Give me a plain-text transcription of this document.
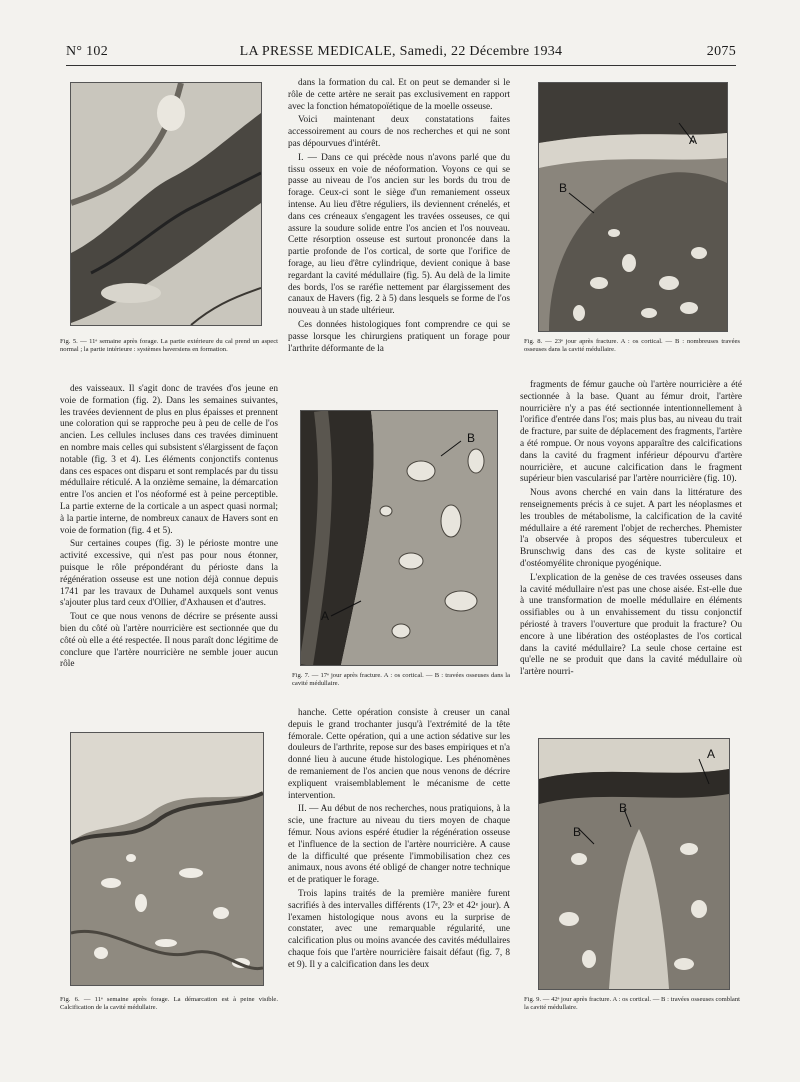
N° 102	LA PRESSE MEDICALE, Samedi, 22 Décembre 1934	2075
Fig. 5. — 11ᵉ semaine après forage. La partie extérieure du cal prend un aspect normal ; la partie intérieure : systèmes haversiens en formation.

des vaisseaux. Il s'agit donc de travées d'os jeune en voie de formation (fig. 2). Dans les semaines suivantes, les travées deviennent de plus en plus épaisses et prennent une coloration qui se rapproche peu à peu de celle de l'os ancien. Les cellules incluses dans ces travées diminuent en nombre mais celles qui subsistent s'élargissent de façon notable (fig. 3 et 4). Les éléments conjonctifs contenus dans ces espaces ont disparu et sont remplacés par du tissu médullaire réticulé. A la onzième semaine, la démarcation entre l'os ancien et l'os néoformé est à peine perceptible. La partie externe de la corticale a un aspect quasi normal; à la partie interne, de nombreux canaux de Havers sont en voie de formation (fig. 4 et 5).

Sur certaines coupes (fig. 3) le périoste montre une activité excessive, qui n'est pas pour nous étonner, puisque le rôle prépondérant du périoste dans la régénération osseuse est une notion déjà connue depuis 1741 par les travaux de Duhamel auxquels sont venus s'ajouter plus tard ceux d'Ollier, d'Axhausen et d'autres.

Tout ce que nous venons de décrire se présente aussi bien du côté où l'artère nourricière est sectionnée que du côté où elle a été respectée. Il nous paraît donc légitime de conclure que l'artère nourricière ne semble jouer aucun rôle

Fig. 6. — 11ᵉ semaine après forage. La démarcation est à peine visible. Calcification de la cavité médullaire.

dans la formation du cal. Et on peut se demander si le rôle de cette artère ne serait pas exclusivement en rapport avec la fonction hématopoïétique de la moelle osseuse.

Voici maintenant deux constatations faites accessoirement au cours de nos recherches et qui ne sont pas dépourvues d'intérêt.

I. — Dans ce qui précède nous n'avons parlé que du tissu osseux en voie de néoformation. Voyons ce qui se passe au niveau de l'os ancien sur les bords du trou de forage. Ceux-ci sont le siège d'un remaniement osseux intense. Au lieu d'être réguliers, ils deviennent crénelés, et dans ces créneaux s'engagent les travées osseuses, ce qui assure la soudure solide entre l'os ancien et l'os nouveau. Cette résorption osseuse est surtout prononcée dans la partie profonde de l'os cortical, de sorte que l'orifice de forage, au lieu d'être cylindrique, devient conique à base regardant la cavité médullaire (fig. 5). Au delà de la limite des bords, l'os se raréfie nettement par élargissement des canaux de Havers (fig. 2 à 5) dans lesquels se forme de l'os nouveau à un stade ultérieur.

Ces données histologiques font comprendre ce qui se passe lorsque les chirurgiens pratiquent un forage pour l'arthrite déformante de la

A
B
Fig. 7. — 17ᵉ jour après fracture. A : os cortical. — B : travées osseuses dans la cavité médullaire.

hanche. Cette opération consiste à creuser un canal depuis le grand trochanter jusqu'à l'extrémité de la tête fémorale. Cette opération, qui a une action sédative sur les douleurs de l'arthrite, repose sur des bases empiriques et n'a donné lieu à aucune étude histologique. Les phénomènes de remaniement de l'os ancien que nous venons de décrire expliquent vraisemblablement le mécanisme de cette intervention.

II. — Au début de nos recherches, nous pratiquions, à la scie, une fracture au niveau du tiers moyen de chaque fémur. Nous avions espéré étudier la régénération osseuse et l'influence de la section de l'artère nourricière. A cause de la difficulté que présente l'immobilisation chez ces animaux, nous avons été obligé de changer notre technique et de pratiquer le forage.

Trois lapins traités de la première manière furent sacrifiés à des intervalles différents (17ᵉ, 23ᵉ et 42ᵉ jour). A l'examen histologique nous avons eu la surprise de constater, avec une remarquable régularité, une calcification plus ou moins avancée des cavités médullaires chaque fois que l'artère nourricière faisait défaut (fig. 7, 8 et 9). Il y a calcification dans les deux

A
B
Fig. 8. — 23ᵉ jour après fracture. A : os cortical. — B : nombreuses travées osseuses dans la cavité médullaire.

fragments de fémur gauche où l'artère nourricière a été sectionnée à la base. Quant au fémur droit, l'artère nourricière n'y a pas été sectionnée intentionnellement à l'orifice d'entrée dans l'os; mais plus bas, au niveau du trait de fracture, par suite de déplacement des fragments, l'artère a été rompue. Or nous voyons apparaître des calcifications dans la cavité du fragment inférieur dépourvu d'artère nourricière, et aucune calcification dans le fragment supérieur bien vascularisé par l'artère nourricière (fig. 10).

Nous avons cherché en vain dans la littérature des renseignements précis à ce sujet. A part les néoplasmes et les troubles de métabolisme, la calcification de la cavité médullaire a été rarement l'objet de recherches. Phemister l'a observée à propos des séquestres tuberculeux et Brunschwig dans des cas de kyste solitaire et d'ostéomyélite chronique pyogénique.

L'explication de la genèse de ces travées osseuses dans la cavité médullaire n'est pas une chose aisée. Est-elle due à une transformation de moelle médullaire en éléments ossifiables ou à un envahissement du tissu conjonctif périosté à travers l'ouverture que produit la fracture? Ou encore à une libération des ostéoplastes de l'os cortical dans la cavité médullaire? La seule chose certaine est qu'elle ne se produit que dans la cavité médullaire où l'artère nourri-

A
B
B
Fig. 9. — 42ᵉ jour après fracture. A : os cortical. — B : travées osseuses comblant la cavité médullaire.
